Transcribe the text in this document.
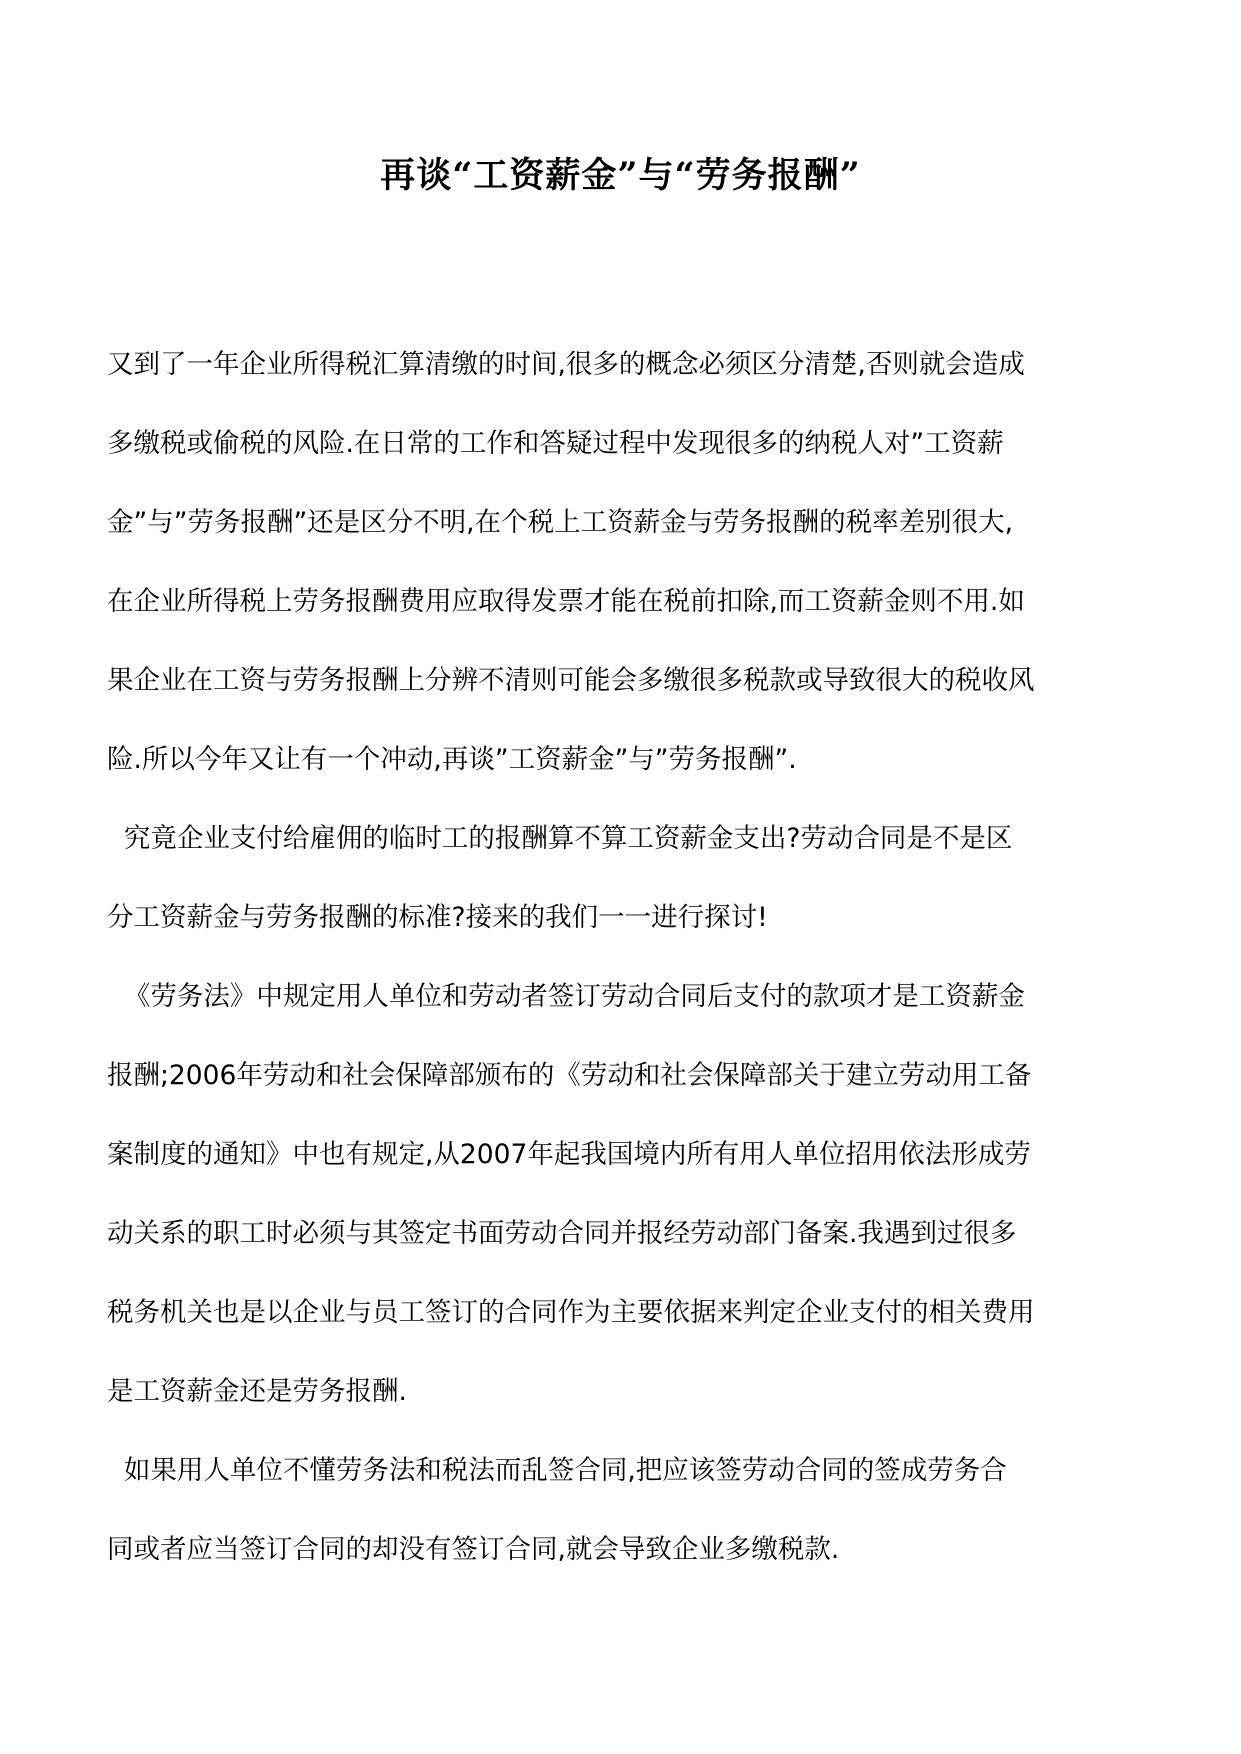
再谈“工资薪金”与“劳务报酬”
又到了一年企业所得税汇算清缴的时间,很多的概念必须区分清楚,否则就会造成
多缴税或偷税的风险.在日常的工作和答疑过程中发现很多的纳税人对”工资薪
金”与”劳务报酬”还是区分不明,在个税上工资薪金与劳务报酬的税率差别很大,
在企业所得税上劳务报酬费用应取得发票才能在税前扣除,而工资薪金则不用.如
果企业在工资与劳务报酬上分辨不清则可能会多缴很多税款或导致很大的税收风
险.所以今年又让有一个冲动,再谈”工资薪金”与”劳务报酬”.
究竟企业支付给雇佣的临时工的报酬算不算工资薪金支出?劳动合同是不是区
分工资薪金与劳务报酬的标准?接来的我们一一进行探讨!
《劳务法》中规定用人单位和劳动者签订劳动合同后支付的款项才是工资薪金
报酬;2006年劳动和社会保障部颁布的《劳动和社会保障部关于建立劳动用工备
案制度的通知》中也有规定,从2007年起我国境内所有用人单位招用依法形成劳
动关系的职工时必须与其签定书面劳动合同并报经劳动部门备案.我遇到过很多
税务机关也是以企业与员工签订的合同作为主要依据来判定企业支付的相关费用
是工资薪金还是劳务报酬.
如果用人单位不懂劳务法和税法而乱签合同,把应该签劳动合同的签成劳务合
同或者应当签订合同的却没有签订合同,就会导致企业多缴税款.
